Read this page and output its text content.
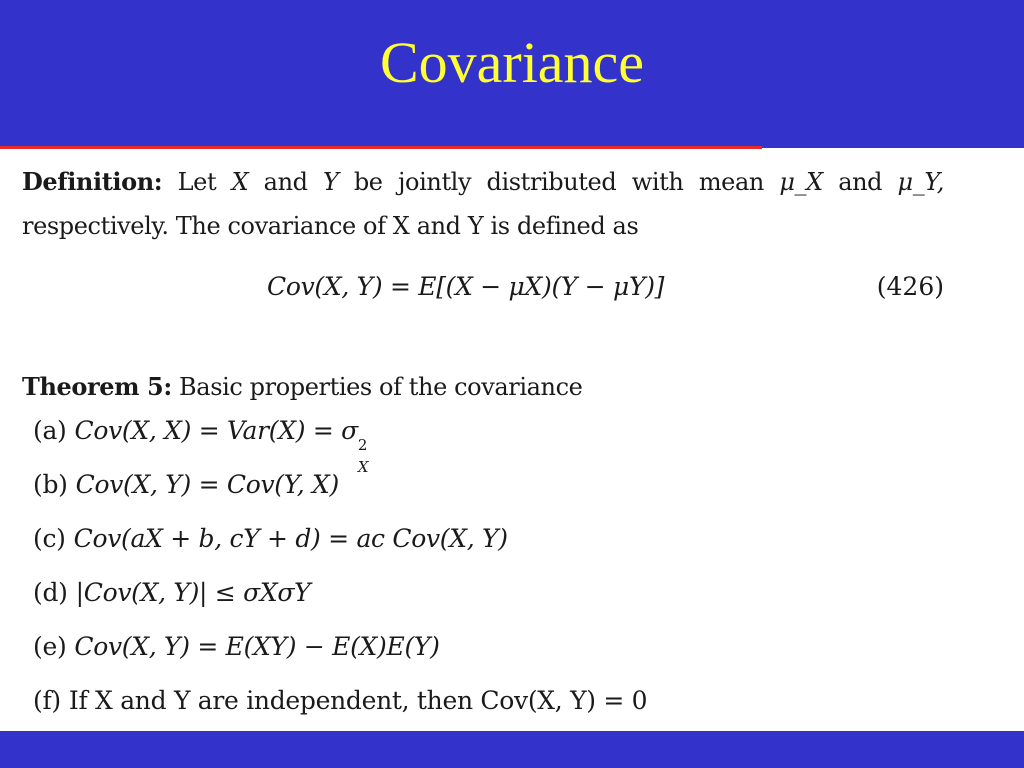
Covariance
Definition: Let X and Y be jointly distributed with mean μ_X and μ_Y,
respectively. The covariance of X and Y is defined as
Cov(X, Y) = E[(X − μX)(Y − μY)]	(426)
Theorem 5: Basic properties of the covariance
(a) Cov(X, X) = Var(X) = σ 2
X
(b) Cov(X, Y) = Cov(Y, X)
(c) Cov(aX + b, cY + d) = ac Cov(X, Y)
(d) |Cov(X, Y)| ≤ σXσY
(e) Cov(X, Y) = E(XY) − E(X)E(Y)
(f) If X and Y are independent, then Cov(X, Y) = 0
